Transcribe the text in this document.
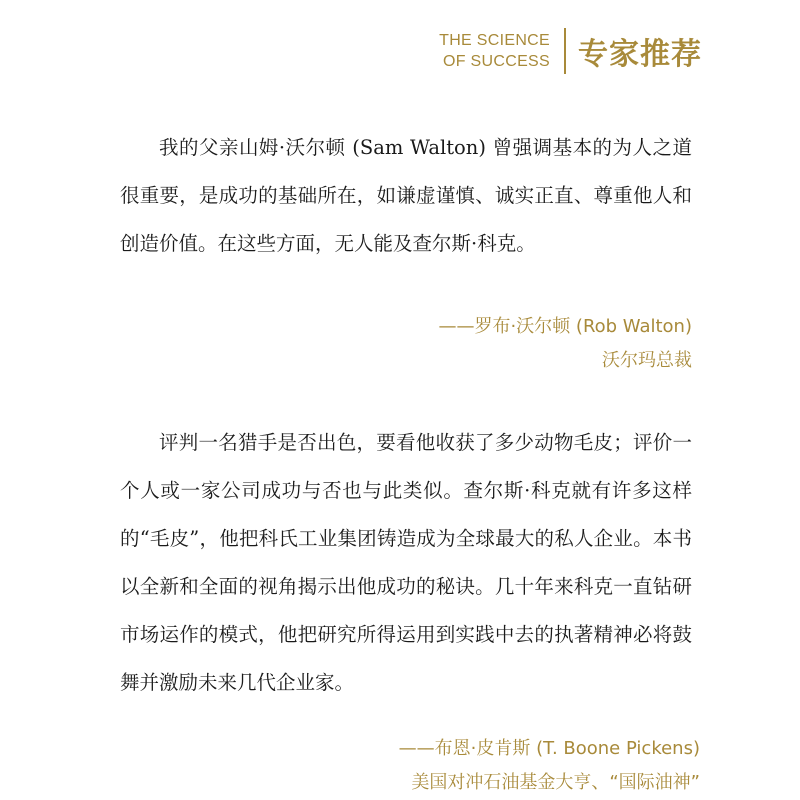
THE SCIENCE
OF SUCCESS 专家推荐

我的父亲山姆·沃尔顿 (Sam Walton) 曾强调基本的为人之道很重要，是成功的基础所在，如谦虚谨慎、诚实正直、尊重他人和创造价值。在这些方面，无人能及查尔斯·科克。

——罗布·沃尔顿 (Rob Walton)
沃尔玛总裁

评判一名猎手是否出色，要看他收获了多少动物毛皮；评价一个人或一家公司成功与否也与此类似。查尔斯·科克就有许多这样的“毛皮”，他把科氏工业集团铸造成为全球最大的私人企业。本书以全新和全面的视角揭示出他成功的秘诀。几十年来科克一直钻研市场运作的模式，他把研究所得运用到实践中去的执著精神必将鼓舞并激励未来几代企业家。

——布恩·皮肯斯 (T. Boone Pickens)
美国对冲石油基金大亨、“国际油神”
